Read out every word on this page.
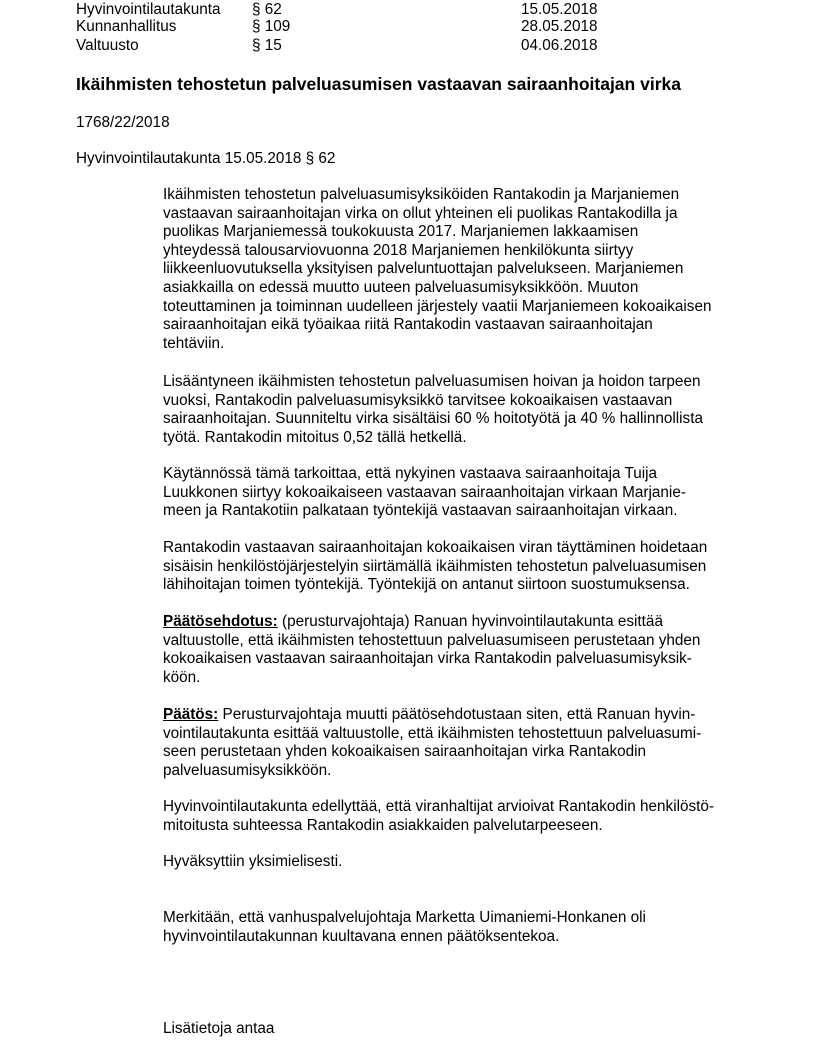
Hyvinvointilautakunta § 62	15.05.2018
Kunnanhallitus	§ 109	28.05.2018
Valtuusto	§ 15	04.06.2018
Ikäihmisten tehostetun palveluasumisen vastaavan sairaanhoitajan virka
1768/22/2018
Hyvinvointilautakunta 15.05.2018 § 62
Ikäihmisten tehostetun palveluasumisyksiköiden Rantakodin ja Marjaniemen
vastaavan sairaanhoitajan virka on ollut yhteinen eli puolikas Rantakodilla ja
puolikas Marjaniemessä toukokuusta 2017. Marjaniemen lakkaamisen
yhteydessä talousarviovuonna 2018 Marjaniemen henkilökunta siirtyy
liikkeenluovutuksella yksityisen palveluntuottajan palvelukseen. Marjaniemen
asiakkailla on edessä muutto uuteen palveluasumisyksikköön. Muuton
toteuttaminen ja toiminnan uudelleen järjestely vaatii Marjaniemeen kokoaikaisen
sairaanhoitajan eikä työaikaa riitä Rantakodin vastaavan sairaanhoitajan
tehtäviin.
Lisääntyneen ikäihmisten tehostetun palveluasumisen hoivan ja hoidon tarpeen
vuoksi, Rantakodin palveluasumisyksikkö tarvitsee kokoaikaisen vastaavan
sairaanhoitajan. Suunniteltu virka sisältäisi 60 % hoitotyötä ja 40 % hallinnollista
työtä. Rantakodin mitoitus 0,52 tällä hetkellä.
Käytännössä tämä tarkoittaa, että nykyinen vastaava sairaanhoitaja Tuija
Luukkonen siirtyy kokoaikaiseen vastaavan sairaanhoitajan virkaan Marjanie-
meen ja Rantakotiin palkataan työntekijä vastaavan sairaanhoitajan virkaan.
Rantakodin vastaavan sairaanhoitajan kokoaikaisen viran täyttäminen hoidetaan
sisäisin henkilöstöjärjestelyin siirtämällä ikäihmisten tehostetun palveluasumisen
lähihoitajan toimen työntekijä. Työntekijä on antanut siirtoon suostumuksensa.
Päätösehdotus: (perusturvajohtaja) Ranuan hyvinvointilautakunta esittää
valtuustolle, että ikäihmisten tehostettuun palveluasumiseen perustetaan yhden
kokoaikaisen vastaavan sairaanhoitajan virka Rantakodin palveluasumisyksik-
köön.
Päätös: Perusturvajohtaja muutti päätösehdotustaan siten, että Ranuan hyvin-
vointilautakunta esittää valtuustolle, että ikäihmisten tehostettuun palveluasumi-
seen perustetaan yhden kokoaikaisen sairaanhoitajan virka Rantakodin
palveluasumisyksikköön.
Hyvinvointilautakunta edellyttää, että viranhaltijat arvioivat Rantakodin henkilöstö-
mitoitusta suhteessa Rantakodin asiakkaiden palvelutarpeeseen.
Hyväksyttiin yksimielisesti.
Merkitään, että vanhuspalvelujohtaja Marketta Uimaniemi-Honkanen oli
hyvinvointilautakunnan kuultavana ennen päätöksentekoa.
Lisätietoja antaa
